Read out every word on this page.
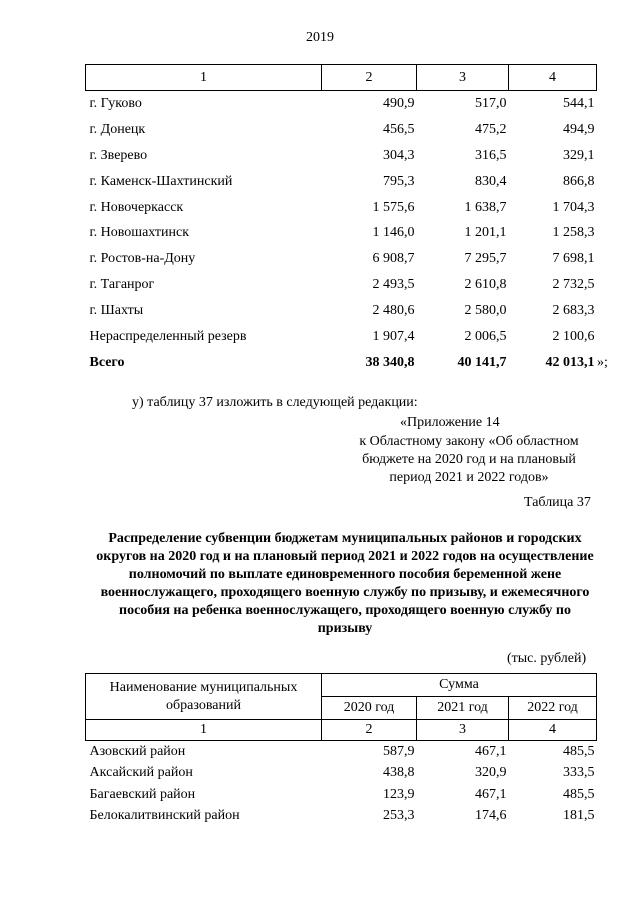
2019
1	2	3	4
г. Гуково	490,9	517,0	544,1
г. Донецк	456,5	475,2	494,9
г. Зверево	304,3	316,5	329,1
г. Каменск-Шахтинский	795,3	830,4	866,8
г. Новочеркасск	1 575,6	1 638,7	1 704,3
г. Новошахтинск	1 146,0	1 201,1	1 258,3
г. Ростов-на-Дону	6 908,7	7 295,7	7 698,1
г. Таганрог	2 493,5	2 610,8	2 732,5
г. Шахты	2 480,6	2 580,0	2 683,3
Нераспределенный резерв	1 907,4	2 006,5	2 100,6
Всего	38 340,8	40 141,7	42 013,1 »;
у) таблицу 37 изложить в следующей редакции:
«Приложение 14
к Областному закону «Об областном бюджете на 2020 год и на плановый период 2021 и 2022 годов»
Таблица 37
Распределение субвенции бюджетам муниципальных районов и городских округов на 2020 год и на плановый период 2021 и 2022 годов на осуществление полномочий по выплате единовременного пособия беременной жене военнослужащего, проходящего военную службу по призыву, и ежемесячного пособия на ребенка военнослужащего, проходящего военную службу по призыву
(тыс. рублей)
Наименование муниципальных образований	Сумма		
	2020 год	2021 год	2022 год
1	2	3	4
Азовский район	587,9	467,1	485,5
Аксайский район	438,8	320,9	333,5
Багаевский район	123,9	467,1	485,5
Белокалитвинский район	253,3	174,6	181,5
